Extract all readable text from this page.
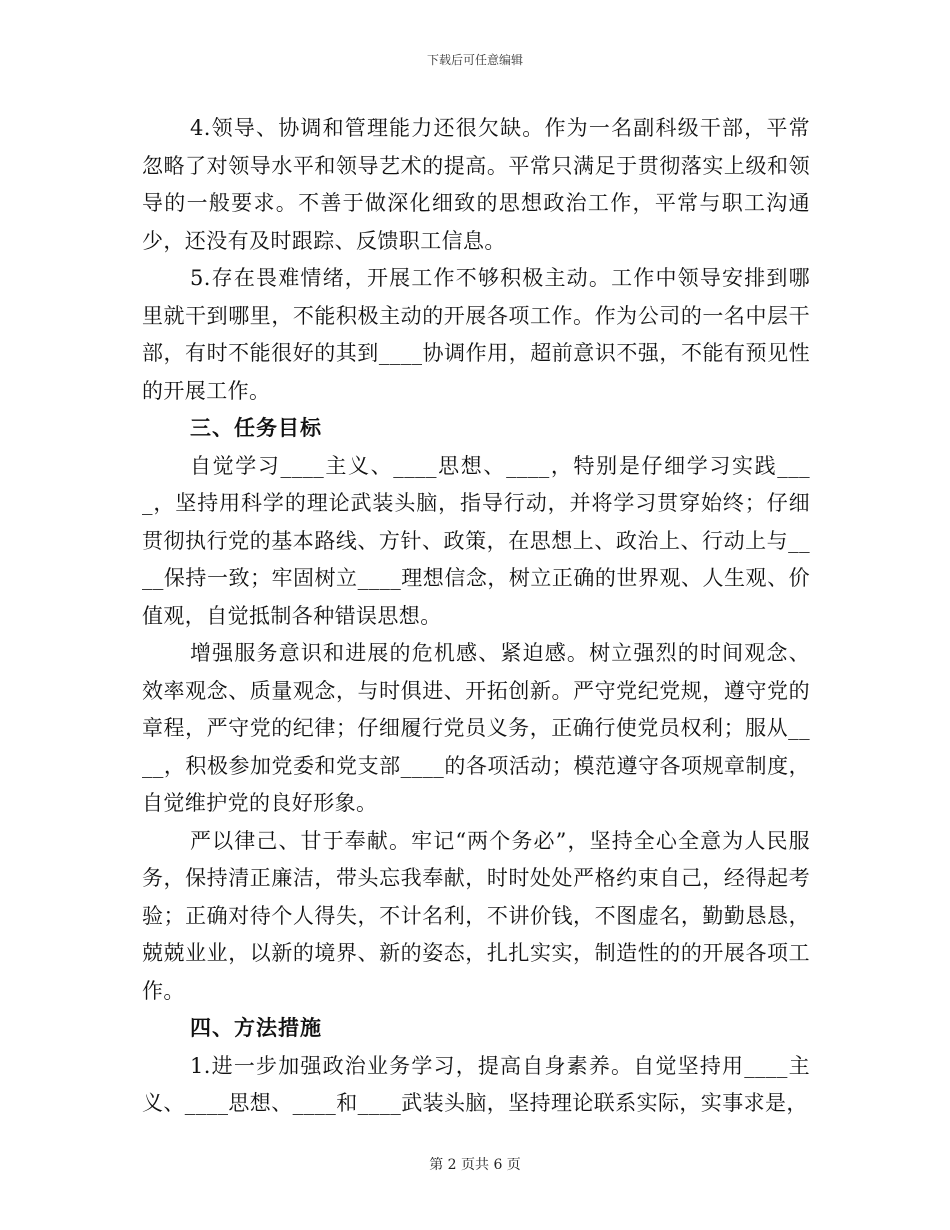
下载后可任意编辑

4.领导、协调和管理能力还很欠缺。作为一名副科级干部，平常忽略了对领导水平和领导艺术的提高。平常只满足于贯彻落实上级和领导的一般要求。不善于做深化细致的思想政治工作，平常与职工沟通少，还没有及时跟踪、反馈职工信息。

5.存在畏难情绪，开展工作不够积极主动。工作中领导安排到哪里就干到哪里，不能积极主动的开展各项工作。作为公司的一名中层干部，有时不能很好的其到____协调作用，超前意识不强，不能有预见性的开展工作。

三、任务目标

自觉学习____主义、____思想、____，特别是仔细学习实践____，坚持用科学的理论武装头脑，指导行动，并将学习贯穿始终；仔细贯彻执行党的基本路线、方针、政策，在思想上、政治上、行动上与____保持一致；牢固树立____理想信念，树立正确的世界观、人生观、价值观，自觉抵制各种错误思想。

增强服务意识和进展的危机感、紧迫感。树立强烈的时间观念、效率观念、质量观念，与时俱进、开拓创新。严守党纪党规，遵守党的章程，严守党的纪律；仔细履行党员义务，正确行使党员权利；服从____，积极参加党委和党支部____的各项活动；模范遵守各项规章制度，自觉维护党的良好形象。

严以律己、甘于奉献。牢记“两个务必”，坚持全心全意为人民服务，保持清正廉洁，带头忘我奉献，时时处处严格约束自己，经得起考验；正确对待个人得失，不计名利，不讲价钱，不图虚名，勤勤恳恳，兢兢业业，以新的境界、新的姿态，扎扎实实，制造性的的开展各项工作。

四、方法措施

1.进一步加强政治业务学习，提高自身素养。自觉坚持用____主义、____思想、____和____武装头脑，坚持理论联系实际，实事求是，

第 2 页共 6 页
